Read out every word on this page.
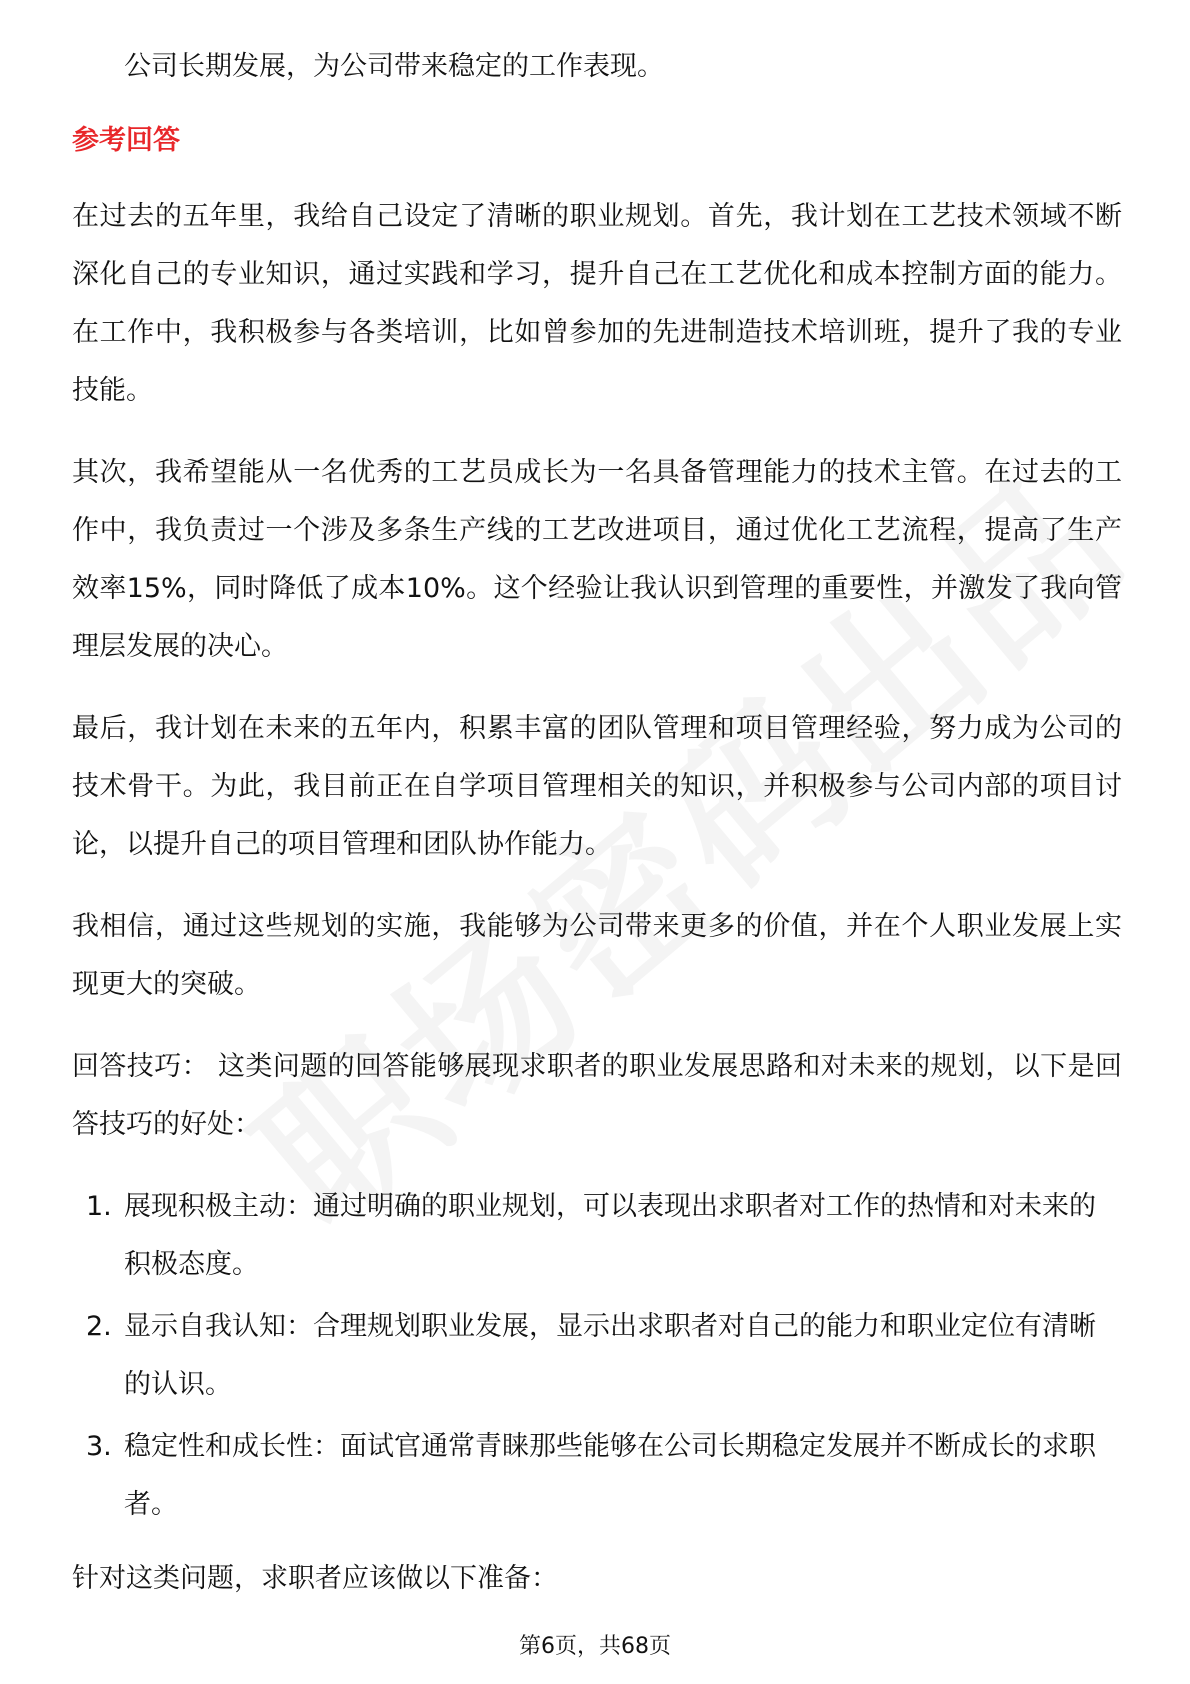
公司长期发展，为公司带来稳定的工作表现。

参考回答

在过去的五年里，我给自己设定了清晰的职业规划。首先，我计划在工艺技术领域不断深化自己的专业知识，通过实践和学习，提升自己在工艺优化和成本控制方面的能力。在工作中，我积极参与各类培训，比如曾参加的先进制造技术培训班，提升了我的专业技能。

其次，我希望能从一名优秀的工艺员成长为一名具备管理能力的技术主管。在过去的工作中，我负责过一个涉及多条生产线的工艺改进项目，通过优化工艺流程，提高了生产效率15%，同时降低了成本10%。这个经验让我认识到管理的重要性，并激发了我向管理层发展的决心。

最后，我计划在未来的五年内，积累丰富的团队管理和项目管理经验，努力成为公司的技术骨干。为此，我目前正在自学项目管理相关的知识，并积极参与公司内部的项目讨论，以提升自己的项目管理和团队协作能力。

我相信，通过这些规划的实施，我能够为公司带来更多的价值，并在个人职业发展上实现更大的突破。

回答技巧： 这类问题的回答能够展现求职者的职业发展思路和对未来的规划，以下是回答技巧的好处：

1. 展现积极主动：通过明确的职业规划，可以表现出求职者对工作的热情和对未来的积极态度。
2. 显示自我认知：合理规划职业发展，显示出求职者对自己的能力和职业定位有清晰的认识。
3. 稳定性和成长性：面试官通常青睐那些能够在公司长期稳定发展并不断成长的求职者。

针对这类问题，求职者应该做以下准备：

第6页，共68页
